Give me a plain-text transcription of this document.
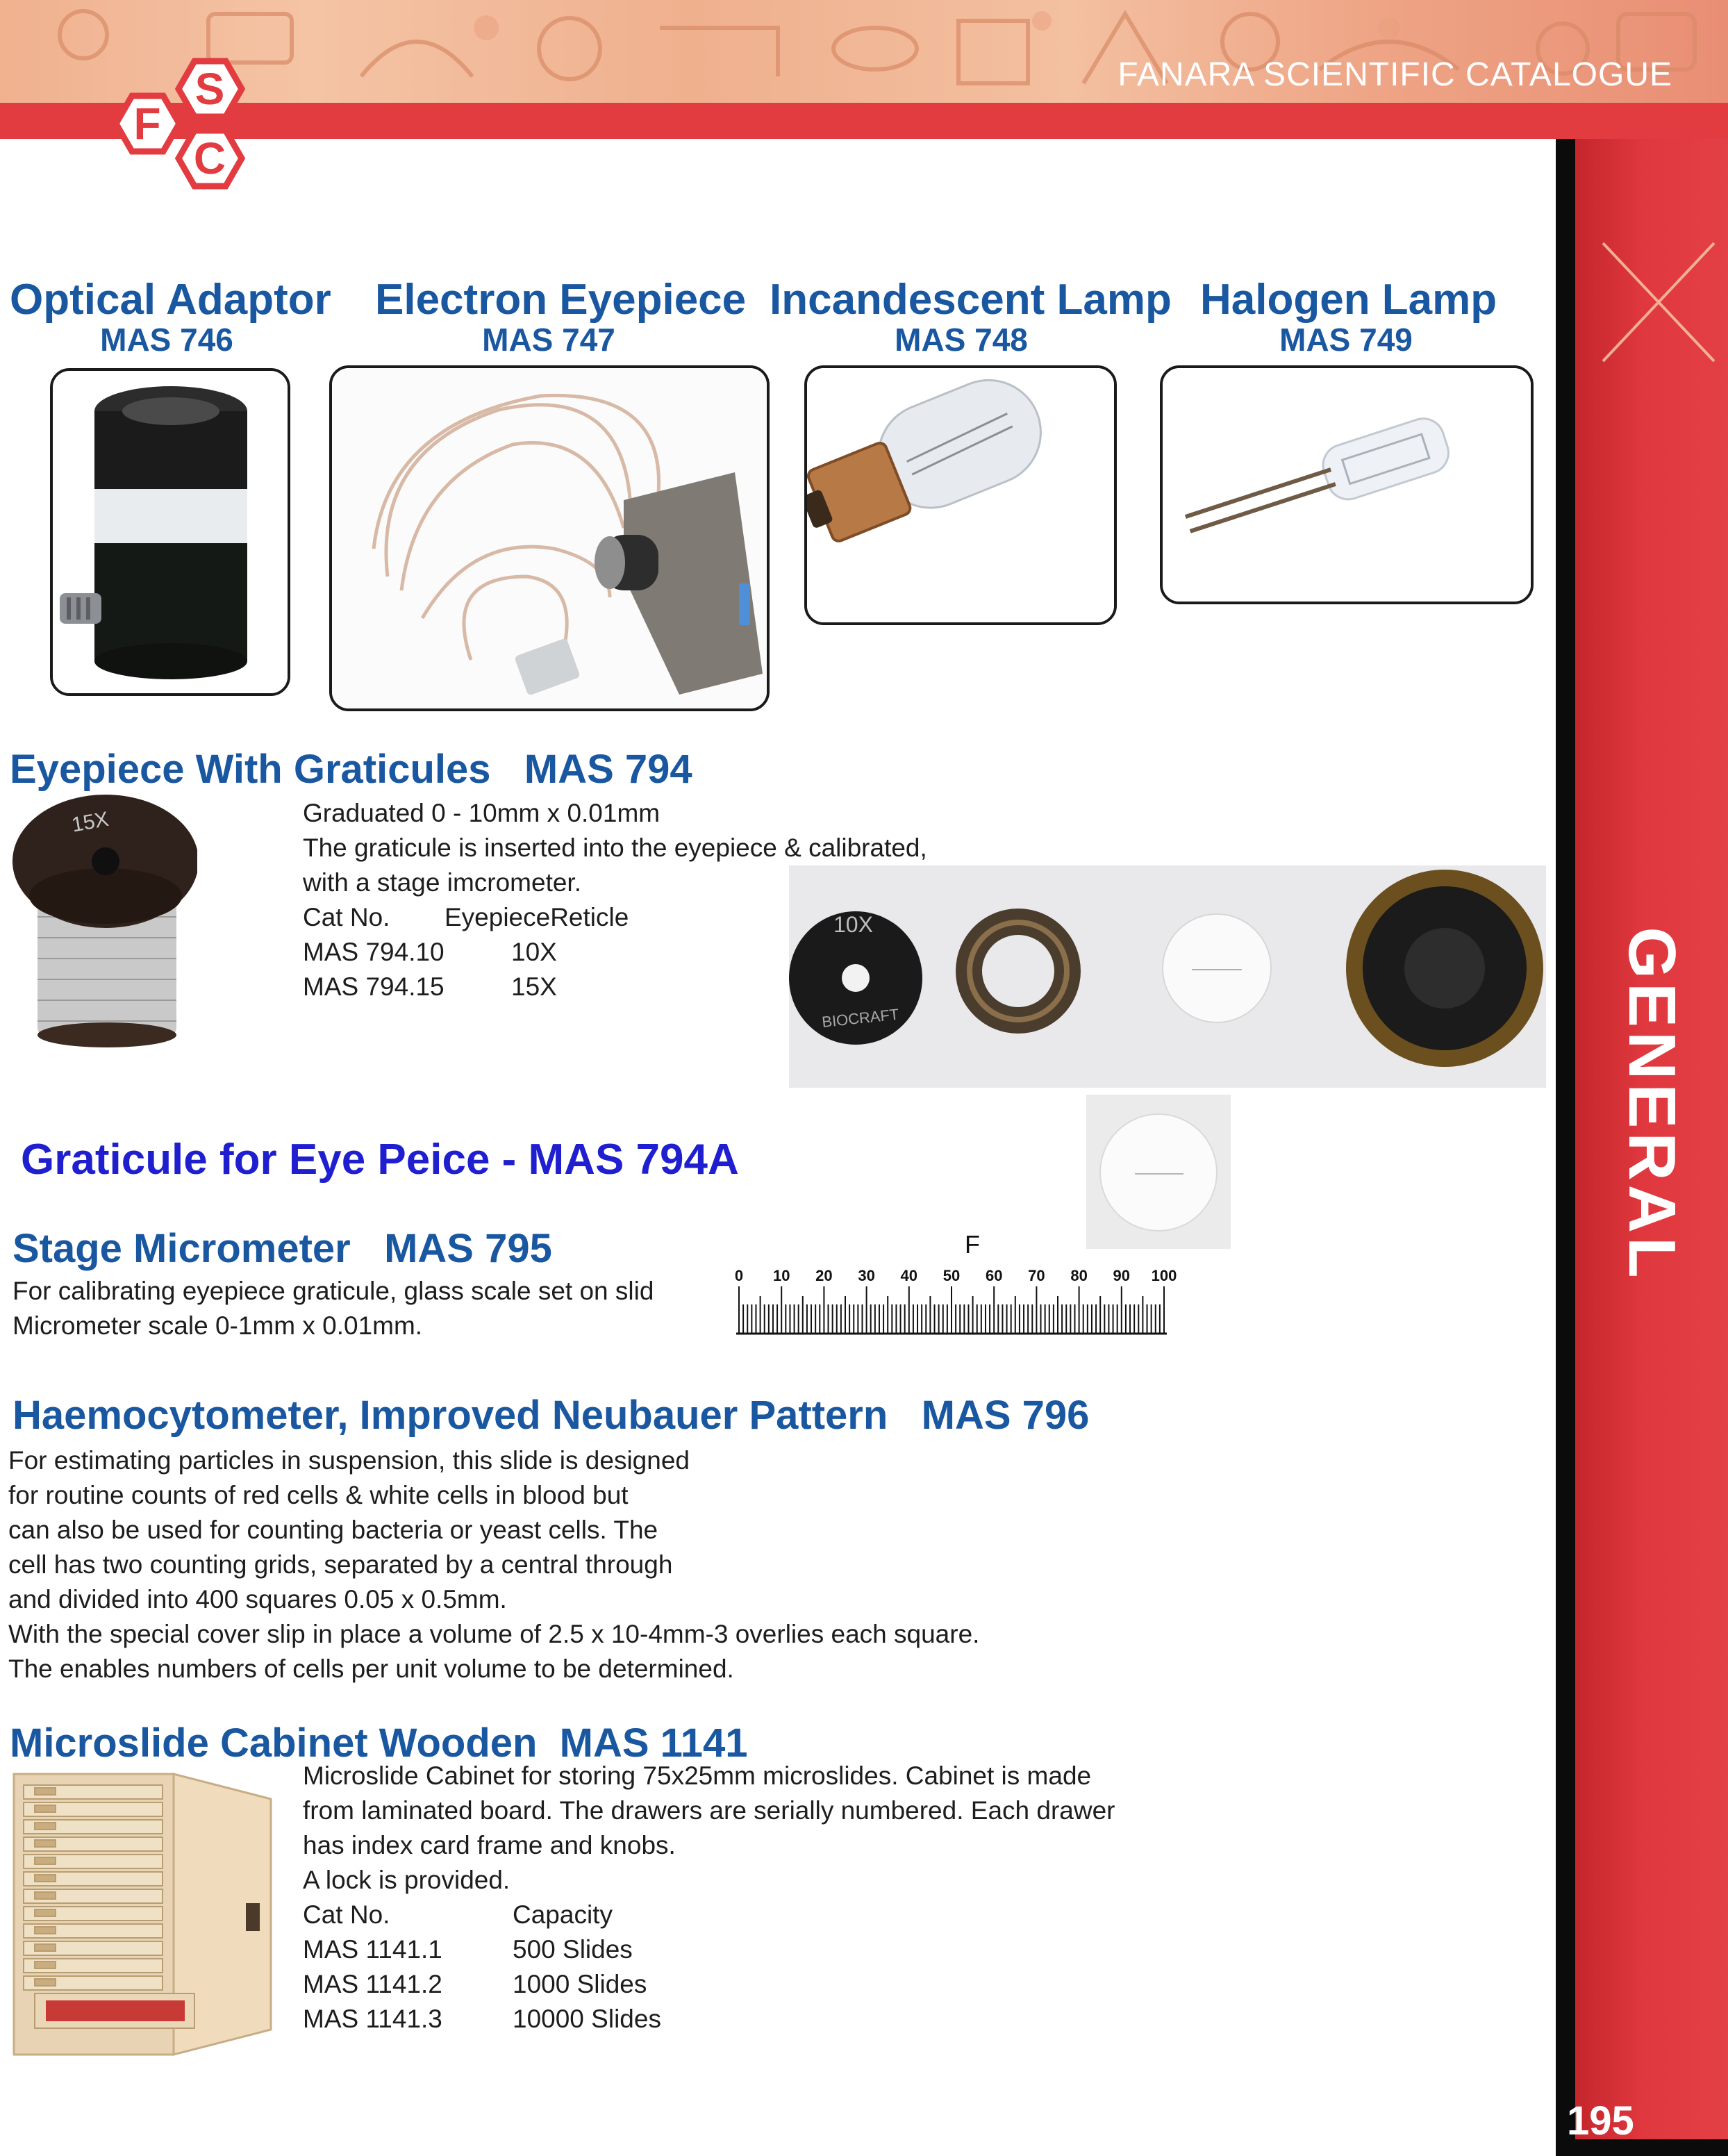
FANARA SCIENTIFIC CATALOGUE
S
F
C
GENERAL
195
Optical Adaptor
MAS 746
Electron Eyepiece
MAS 747
Incandescent Lamp
MAS 748
Halogen Lamp
MAS 749
Eyepiece With Graticules MAS 794
15X	Graduated 0 - 10mm x 0.01mm
The graticule is inserted into the eyepiece & calibrated,
with a stage imcrometer.
Cat No.	EyepieceReticle
MAS 794.10	10X
MAS 794.15	15X
10X
BIOCRAFT
Graticule for Eye Peice - MAS 794A
Stage Micrometer MAS 795
For calibrating eyepiece graticule, glass scale set on slid
Micrometer scale 0-1mm x 0.01mm.
F
0 10 20 30 40 50 60 70 80 90 100
Haemocytometer, Improved Neubauer Pattern MAS 796
For estimating particles in suspension, this slide is designed
for routine counts of red cells & white cells in blood but
can also be used for counting bacteria or yeast cells. The
cell has two counting grids, separated by a central through
and divided into 400 squares 0.05 x 0.5mm.
With the special cover slip in place a volume of 2.5 x 10-4mm-3 overlies each square.
The enables numbers of cells per unit volume to be determined.
Microslide Cabinet Wooden MAS 1141
Microslide Cabinet for storing 75x25mm microslides. Cabinet is made
from laminated board. The drawers are serially numbered. Each drawer
has index card frame and knobs.
A lock is provided.
Cat No.	Capacity
MAS 1141.1	500 Slides
MAS 1141.2	1000 Slides
MAS 1141.3	10000 Slides
